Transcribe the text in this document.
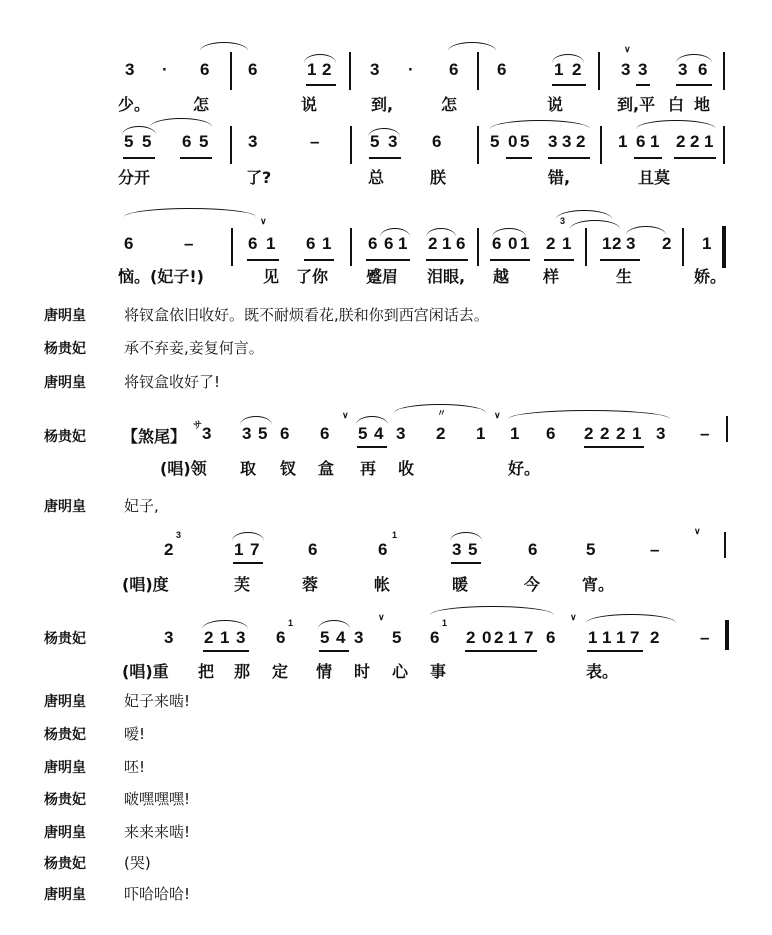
∨
3 · 6 6	1 2 3 · 6 6	1 2 3 3 3 6
少。	怎	说	到,	怎	说	到,平 白 地
5 5 6 5 3	–	5 3 6	5 0 5 3 3 2 1 6 1 2 2 1
分开	了?	总	朕	错,	且莫
∨	3
6	–	6 1 6 1 6 6 1 2 1 6 6 0 1 2 1 1 2 3 2 1
恼。(妃子!)	见 了你 蹙眉 泪眼, 越 样	生	娇。
唐明皇	将钗盒依旧收好。既不耐烦看花,朕和你到西宫闲话去。
杨贵妃	承不弃妾,妾复何言。
唐明皇	将钗盒收好了!
杨贵妃 【煞尾】
サ
∨	∨
〃
3 3 5 6 6 5 4 3 2 1 1 6 2 2 2 1 3 –
(唱)领 取 钗 盒 再 收	好。
唐明皇	妃子,
∨
2	1 7	6	6	3 5	6	5	–
3	1
(唱)度	芙	蓉	帐	暖	今	宵。
杨贵妃
∨	∨
3 2 1 3 6 5 4 3 5 6 2 0 2 1 7 6 1 1 1 7 2 –
1	1
(唱)重 把 那 定 情 时 心 事	表。
唐明皇	妃子来啮!
杨贵妃	嗳!
唐明皇	呸!
杨贵妃	啵嘿嘿嘿!
唐明皇	来来来啮!
杨贵妃	(哭)
唐明皇	吓哈哈哈!
